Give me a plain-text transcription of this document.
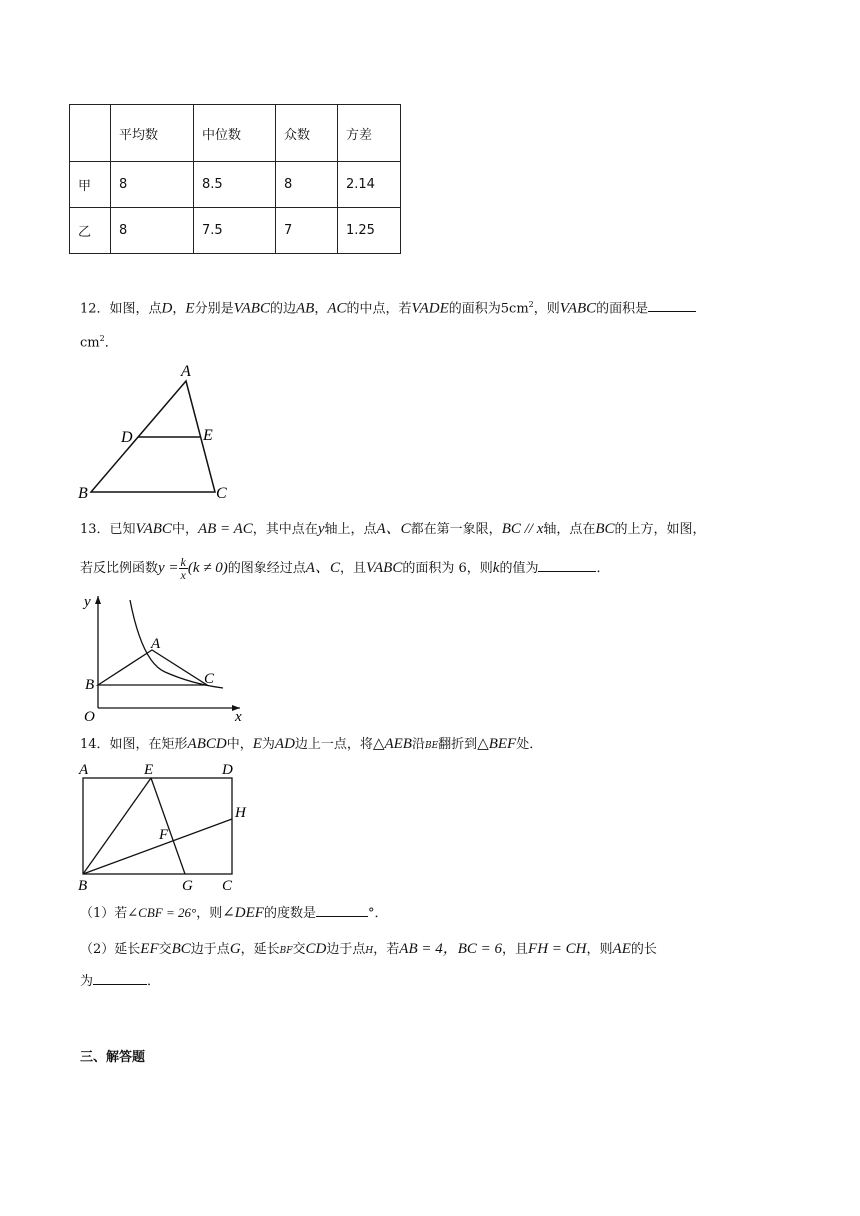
	平均数	中位数	众数	方差
甲	8	8.5	8	2.14
乙	8	7.5	7	1.25
12．如图，点D，E分别是VABC的边AB，AC的中点，若VADE的面积为$5cm^2$，则VABC的面积是
$cm^2$．
A
D	E
B	C
13．已知VABC中，AB = AC，其中点在y轴上，点A、C都在第一象限，BC // x轴，点在BC的上方，如图，
若反比例函数$y = \frac{k}{x} (k \ne 0)$的图象经过点A、C，且VABC的面积为 6，则k的值为	．
y
x
O
A
B	C
14．如图，在矩形ABCD中，E为AD边上一点，将△AEB沿BE翻折到△BEF处．
A	E	D
H
F
B	G C
（1）若∠CBF = 26°，则∠DEF的度数是	°．
（2）延长EF交BC边于点G，延长BF交CD边于点H，若AB = 4，BC = 6，且FH = CH，则AE的长
为	．
三、解答题
